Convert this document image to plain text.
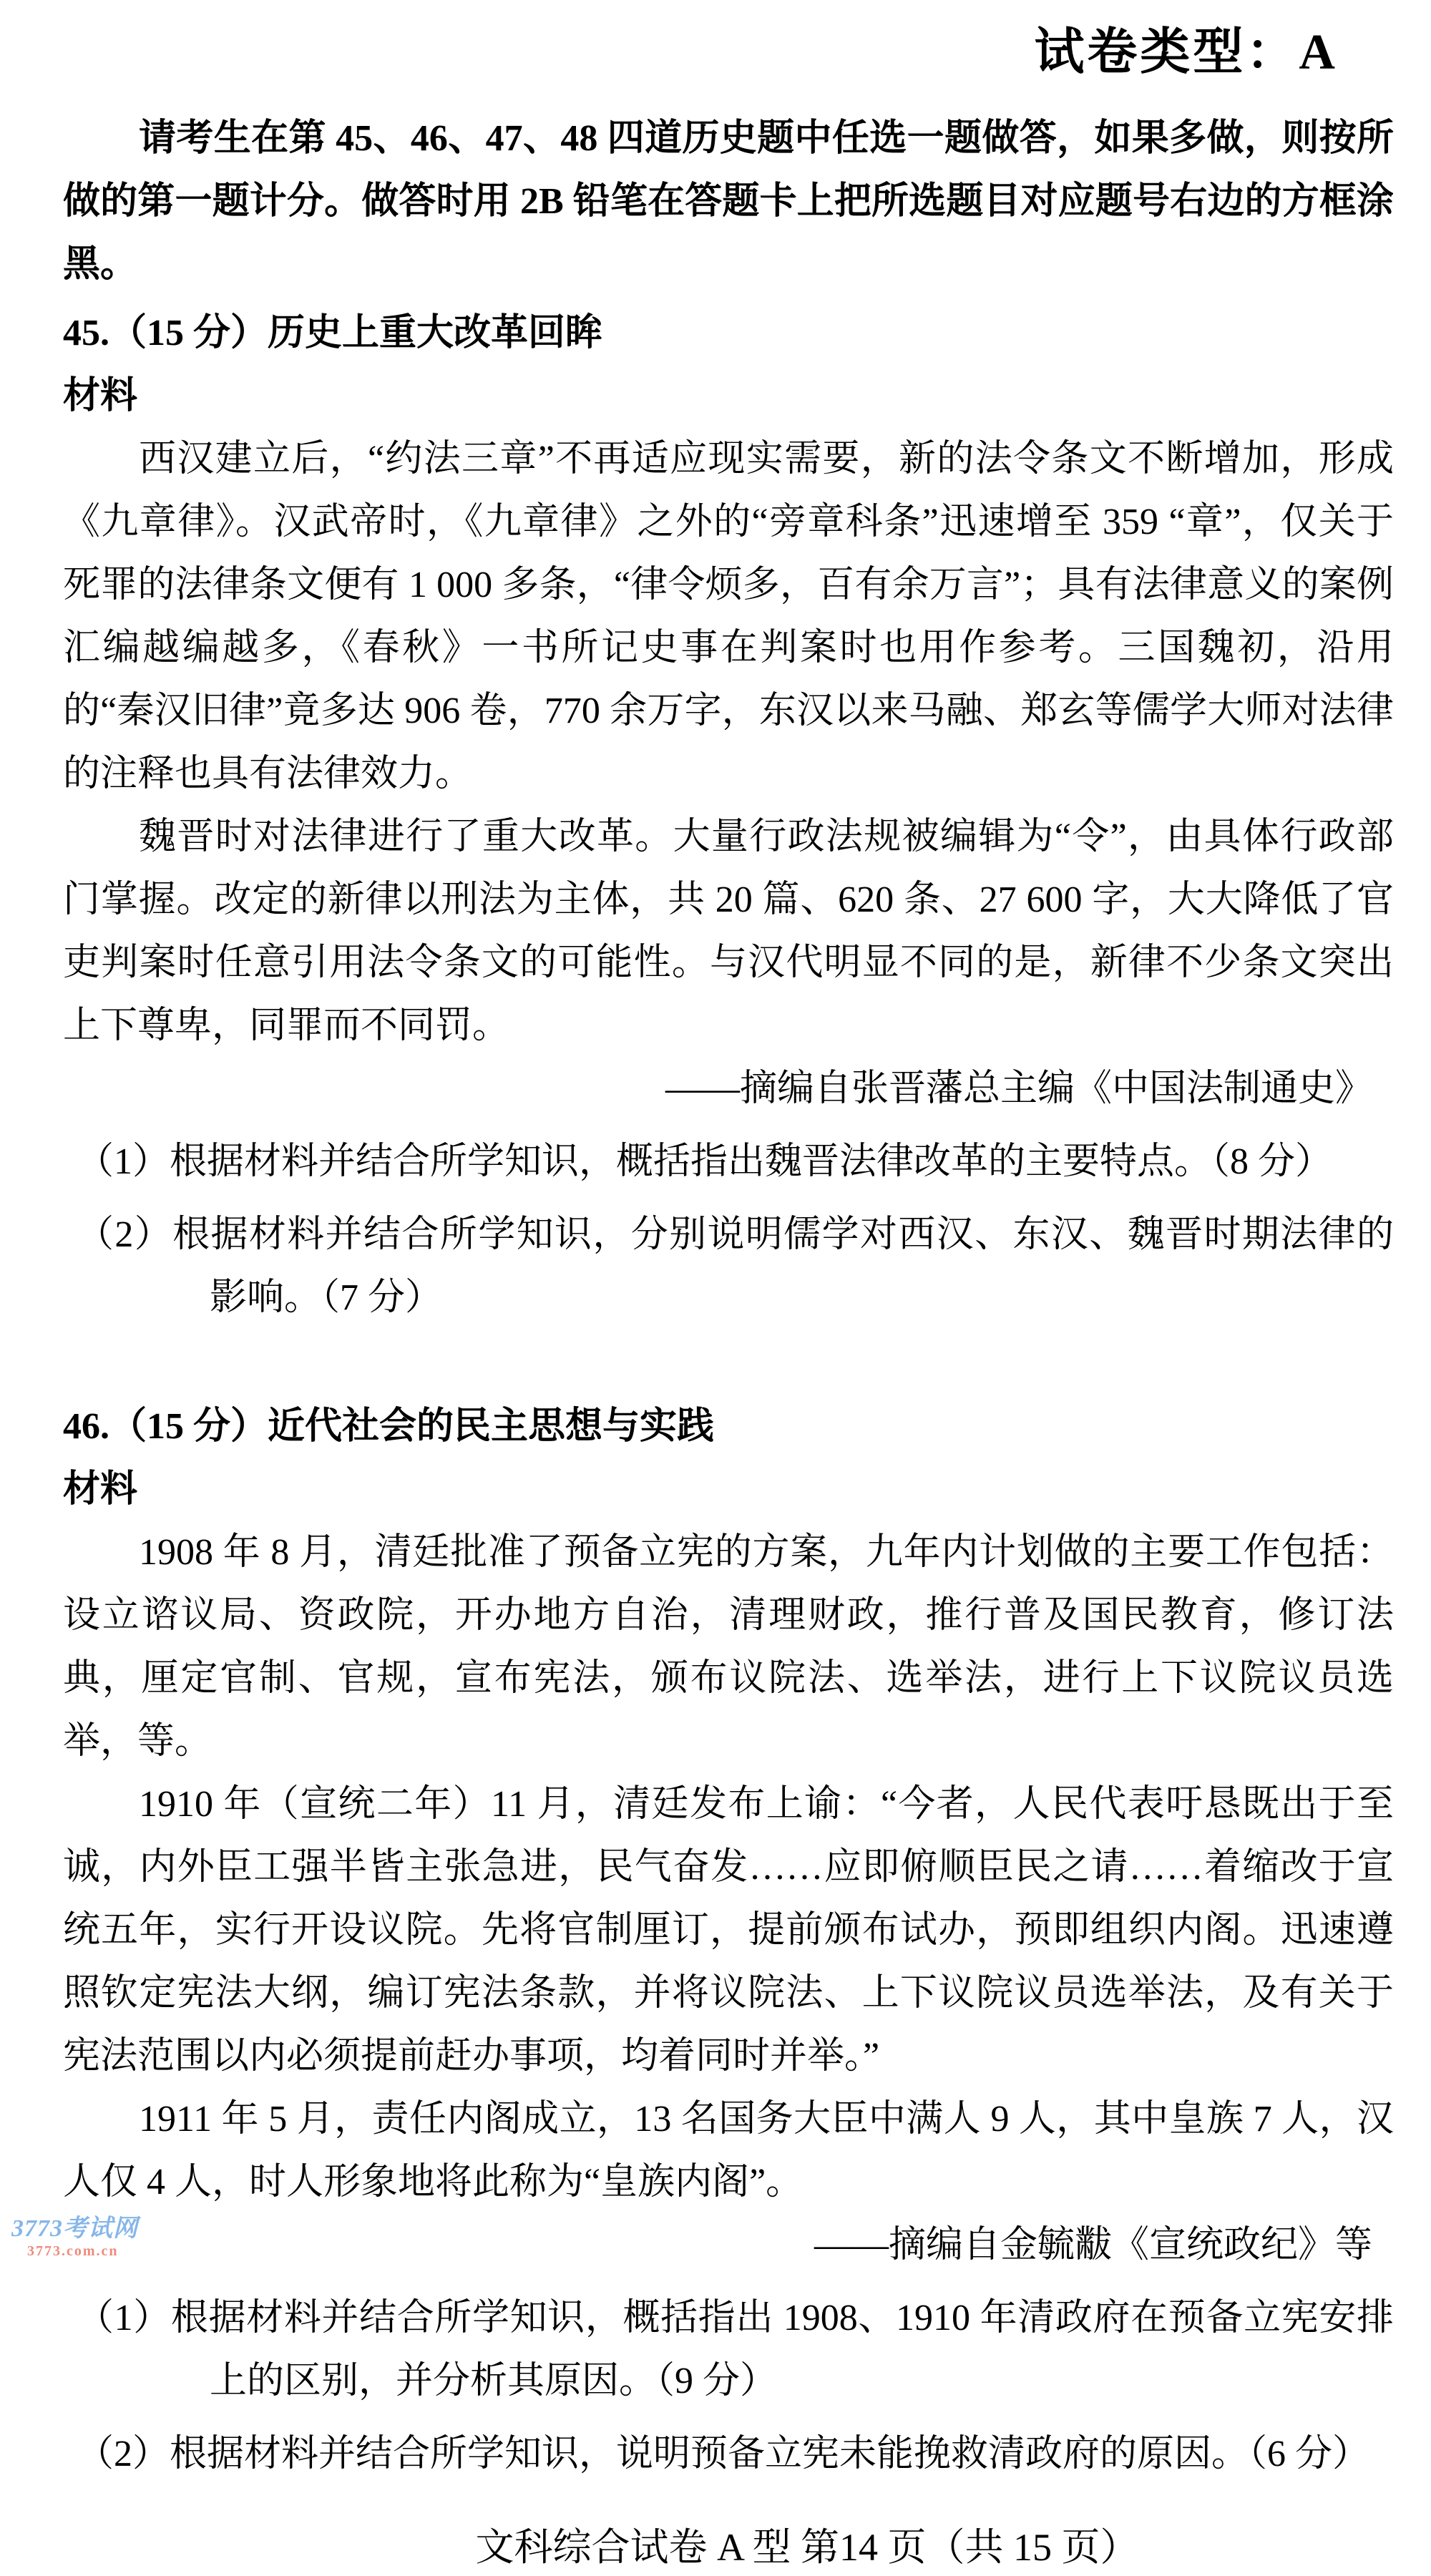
试卷类型：A
请考生在第 45、46、47、48 四道历史题中任选一题做答，如果多做，则按所做的第一题计分。做答时用 2B 铅笔在答题卡上把所选题目对应题号右边的方框涂黑。
45.（15 分）历史上重大改革回眸
材料
西汉建立后，“约法三章”不再适应现实需要，新的法令条文不断增加，形成《九章律》。汉武帝时，《九章律》之外的“旁章科条”迅速增至 359 “章”，仅关于死罪的法律条文便有 1 000 多条，“律令烦多，百有余万言”；具有法律意义的案例汇编越编越多，《春秋》一书所记史事在判案时也用作参考。三国魏初，沿用的“秦汉旧律”竟多达 906 卷，770 余万字，东汉以来马融、郑玄等儒学大师对法律的注释也具有法律效力。
魏晋时对法律进行了重大改革。大量行政法规被编辑为“令”，由具体行政部门掌握。改定的新律以刑法为主体，共 20 篇、620 条、27 600 字，大大降低了官吏判案时任意引用法令条文的可能性。与汉代明显不同的是，新律不少条文突出上下尊卑，同罪而不同罚。
——摘编自张晋藩总主编《中国法制通史》
（1）根据材料并结合所学知识，概括指出魏晋法律改革的主要特点。（8 分）
（2）根据材料并结合所学知识，分别说明儒学对西汉、东汉、魏晋时期法律的影响。（7 分）
46.（15 分）近代社会的民主思想与实践
材料
1908 年 8 月，清廷批准了预备立宪的方案，九年内计划做的主要工作包括：设立谘议局、资政院，开办地方自治，清理财政，推行普及国民教育，修订法典，厘定官制、官规，宣布宪法，颁布议院法、选举法，进行上下议院议员选举，等。
1910 年（宣统二年）11 月，清廷发布上谕：“今者，人民代表吁恳既出于至诚，内外臣工强半皆主张急进，民气奋发……应即俯顺臣民之请……着缩改于宣统五年，实行开设议院。先将官制厘订，提前颁布试办，预即组织内阁。迅速遵照钦定宪法大纲，编订宪法条款，并将议院法、上下议院议员选举法，及有关于宪法范围以内必须提前赶办事项，均着同时并举。”
1911 年 5 月，责任内阁成立，13 名国务大臣中满人 9 人，其中皇族 7 人，汉人仅 4 人，时人形象地将此称为“皇族内阁”。
——摘编自金毓黻《宣统政纪》等
（1）根据材料并结合所学知识，概括指出 1908、1910 年清政府在预备立宪安排上的区别，并分析其原因。（9 分）
（2）根据材料并结合所学知识，说明预备立宪未能挽救清政府的原因。（6 分）
文科综合试卷 A 型 第14 页（共 15 页）
3773考试网
3773.com.cn
